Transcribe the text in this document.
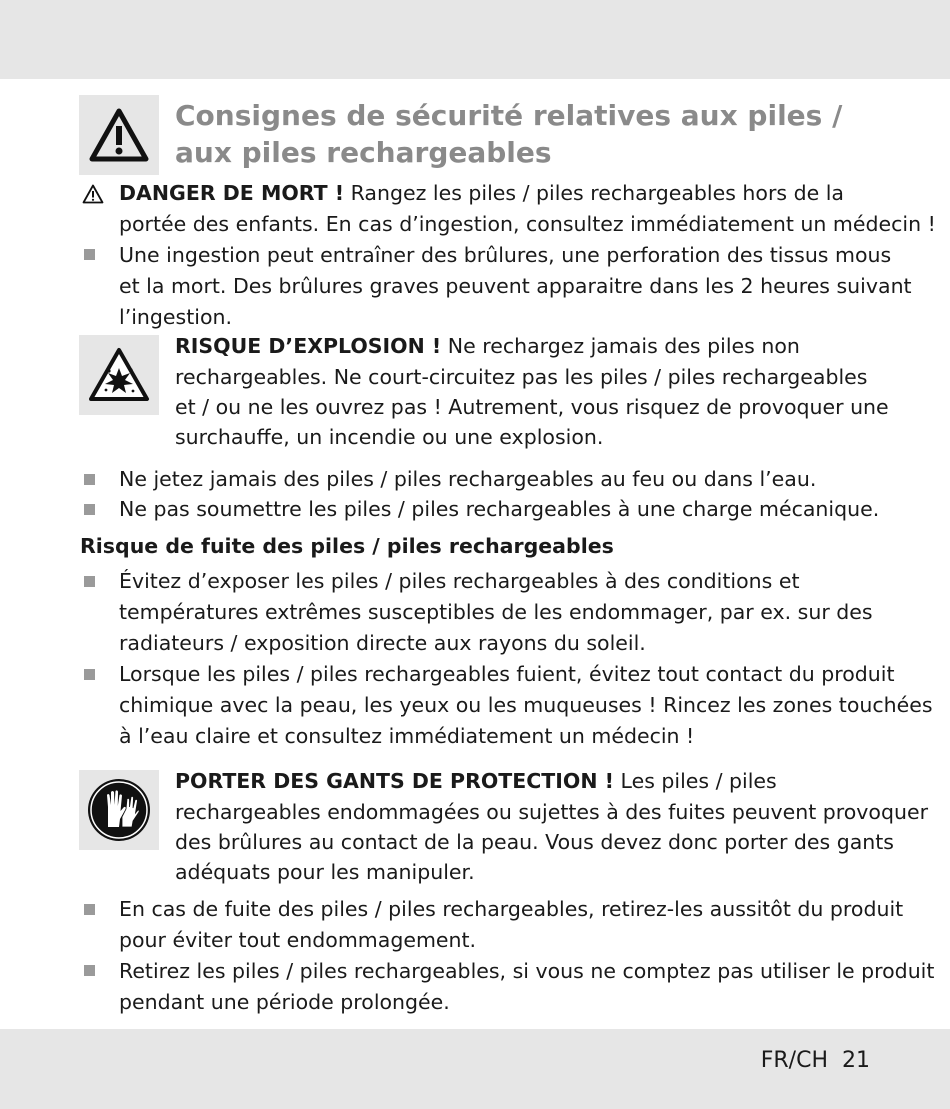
Consignes de sécurité relatives aux piles / aux piles rechargeables
DANGER DE MORT ! Rangez les piles / piles rechargeables hors de la
portée des enfants. En cas d’ingestion, consultez immédiatement un médecin !
Une ingestion peut entraîner des brûlures, une perforation des tissus mous
et la mort. Des brûlures graves peuvent apparaitre dans les 2 heures suivant
l’ingestion.
RISQUE D’EXPLOSION ! Ne rechargez jamais des piles non
rechargeables. Ne court-circuitez pas les piles / piles rechargeables
et / ou ne les ouvrez pas ! Autrement, vous risquez de provoquer une
surchauffe, un incendie ou une explosion.
Ne jetez jamais des piles / piles rechargeables au feu ou dans l’eau.
Ne pas soumettre les piles / piles rechargeables à une charge mécanique.
Risque de fuite des piles / piles rechargeables
Évitez d’exposer les piles / piles rechargeables à des conditions et
températures extrêmes susceptibles de les endommager, par ex. sur des
radiateurs / exposition directe aux rayons du soleil.
Lorsque les piles / piles rechargeables fuient, évitez tout contact du produit
chimique avec la peau, les yeux ou les muqueuses ! Rincez les zones touchées
à l’eau claire et consultez immédiatement un médecin !
PORTER DES GANTS DE PROTECTION ! Les piles / piles
rechargeables endommagées ou sujettes à des fuites peuvent provoquer
des brûlures au contact de la peau. Vous devez donc porter des gants
adéquats pour les manipuler.
En cas de fuite des piles / piles rechargeables, retirez-les aussitôt du produit
pour éviter tout endommagement.
Retirez les piles / piles rechargeables, si vous ne comptez pas utiliser le produit
pendant une période prolongée.
FR/CH 21
